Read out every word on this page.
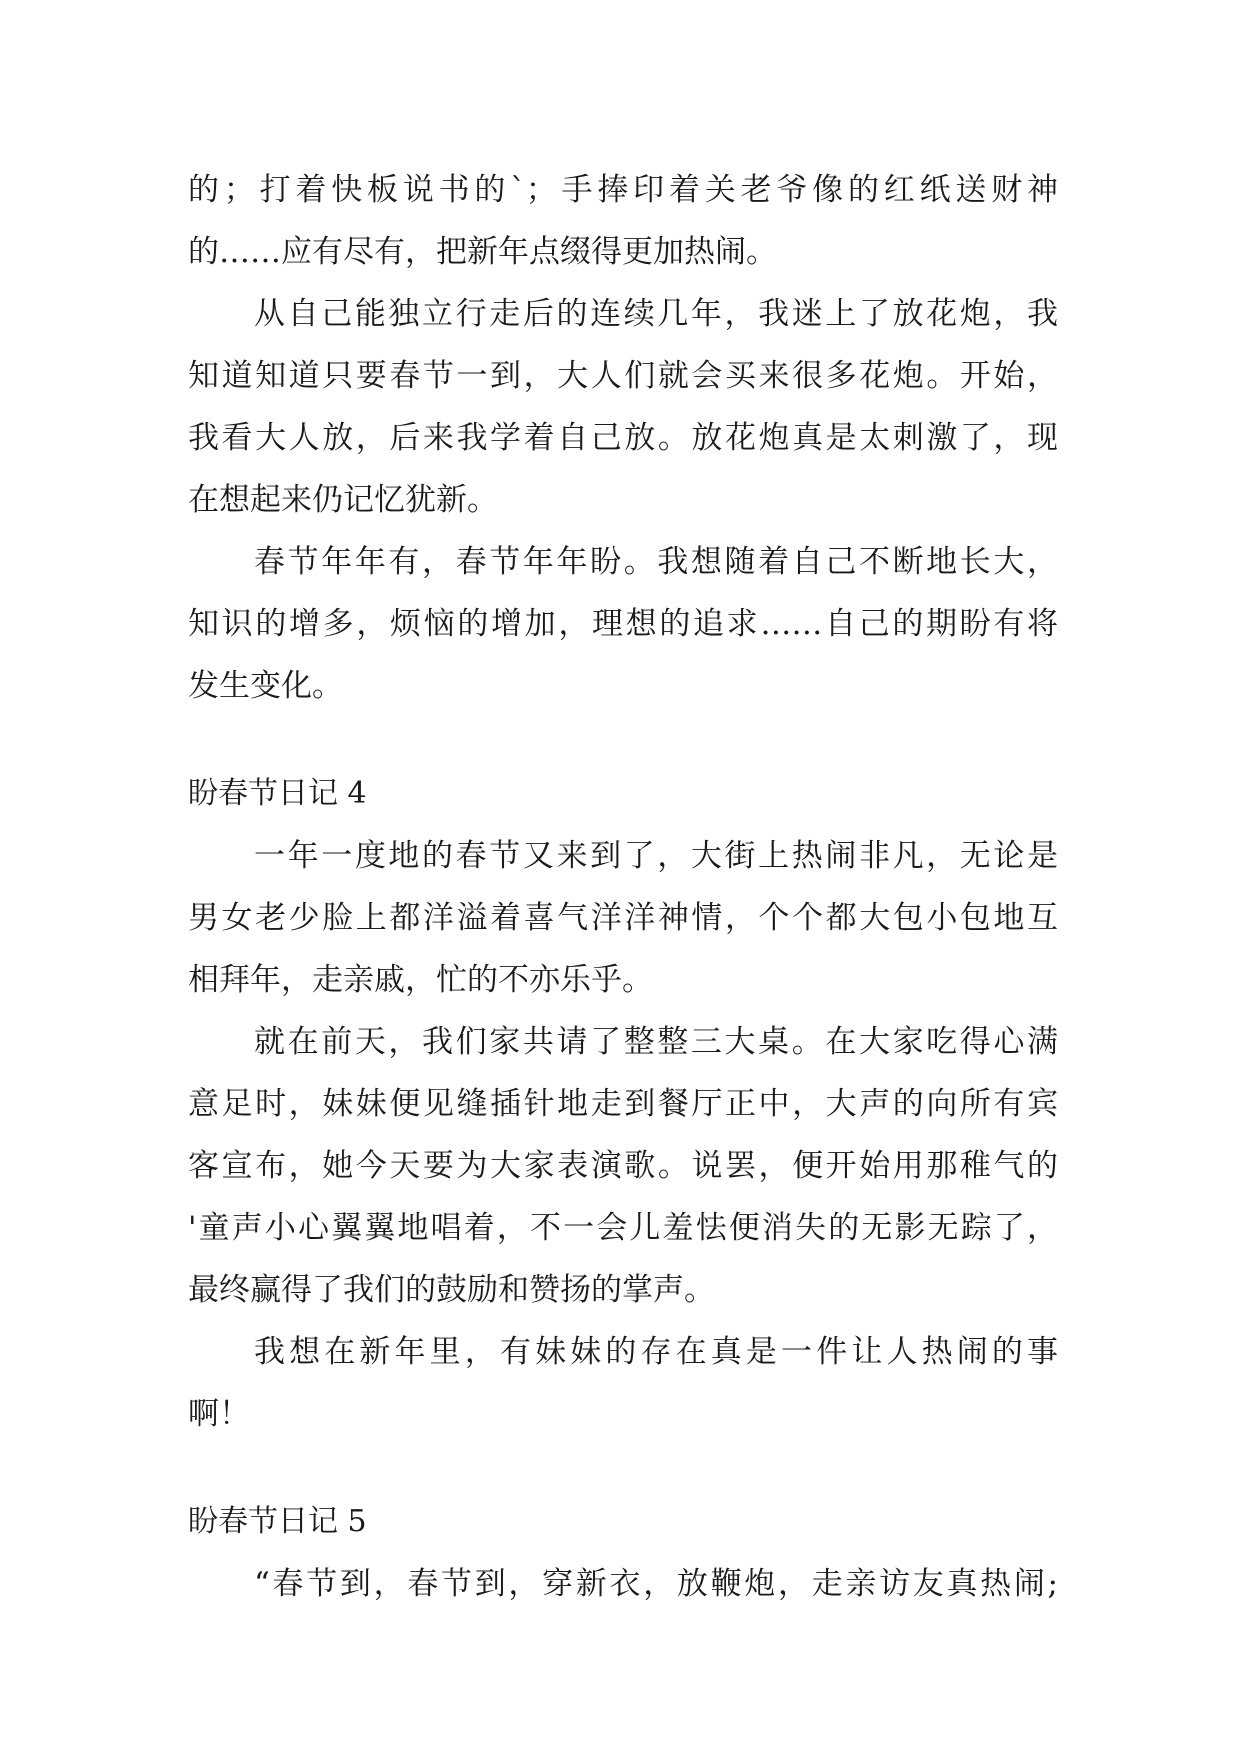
的；打着快板说书的`；手捧印着关老爷像的红纸送财神
的……应有尽有，把新年点缀得更加热闹。
从自己能独立行走后的连续几年，我迷上了放花炮，我
知道知道只要春节一到，大人们就会买来很多花炮。开始，
我看大人放，后来我学着自己放。放花炮真是太刺激了，现
在想起来仍记忆犹新。
春节年年有，春节年年盼。我想随着自己不断地长大，
知识的增多，烦恼的增加，理想的追求……自己的期盼有将
发生变化。
盼春节日记 4
一年一度地的春节又来到了，大街上热闹非凡，无论是
男女老少脸上都洋溢着喜气洋洋神情，个个都大包小包地互
相拜年，走亲戚，忙的不亦乐乎。
就在前天，我们家共请了整整三大桌。在大家吃得心满
意足时，妹妹便见缝插针地走到餐厅正中，大声的向所有宾
客宣布，她今天要为大家表演歌。说罢，便开始用那稚气的
'童声小心翼翼地唱着，不一会儿羞怯便消失的无影无踪了，
最终赢得了我们的鼓励和赞扬的掌声。
我想在新年里，有妹妹的存在真是一件让人热闹的事
啊！
盼春节日记 5
“春节到，春节到，穿新衣，放鞭炮，走亲访友真热闹;
